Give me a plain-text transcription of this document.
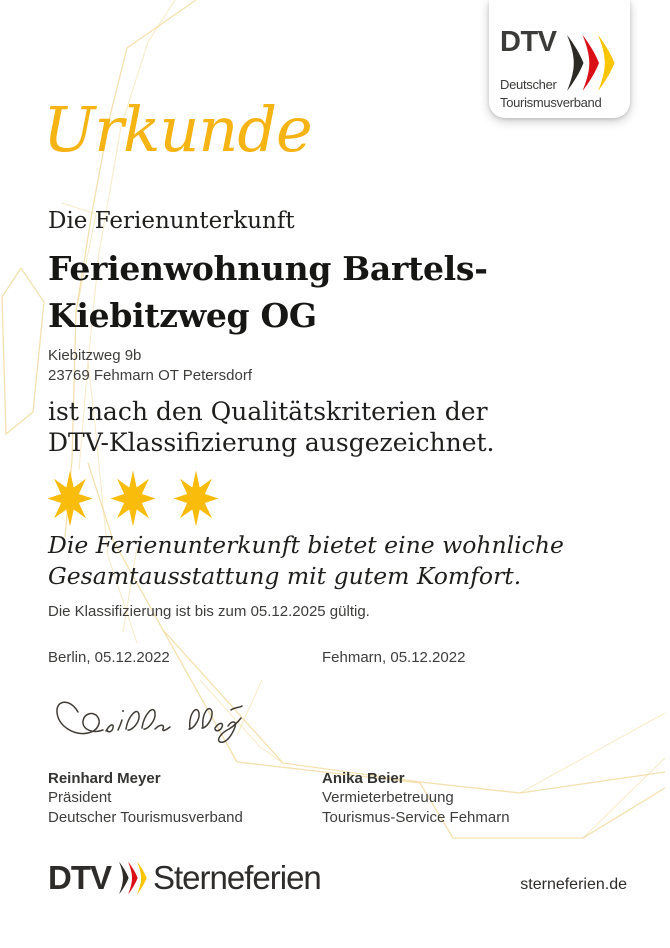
DTV
Deutscher
Tourismusverband
Urkunde
Die Ferienunterkunft
Ferienwohnung Bartels-
Kiebitzweg OG
Kiebitzweg 9b
23769 Fehmarn OT Petersdorf
ist nach den Qualitätskriterien der
DTV-Klassifizierung ausgezeichnet.
Die Ferienunterkunft bietet eine wohnliche
Gesamtausstattung mit gutem Komfort.
Die Klassifizierung ist bis zum 05.12.2025 gültig.
Berlin, 05.12.2022	Fehmarn, 05.12.2022
Reinhard Meyer
Präsident
Deutscher Tourismusverband
Anika Beier
Vermieterbetreuung
Tourismus-Service Fehmarn
DTV Sterneferien	sterneferien.de
